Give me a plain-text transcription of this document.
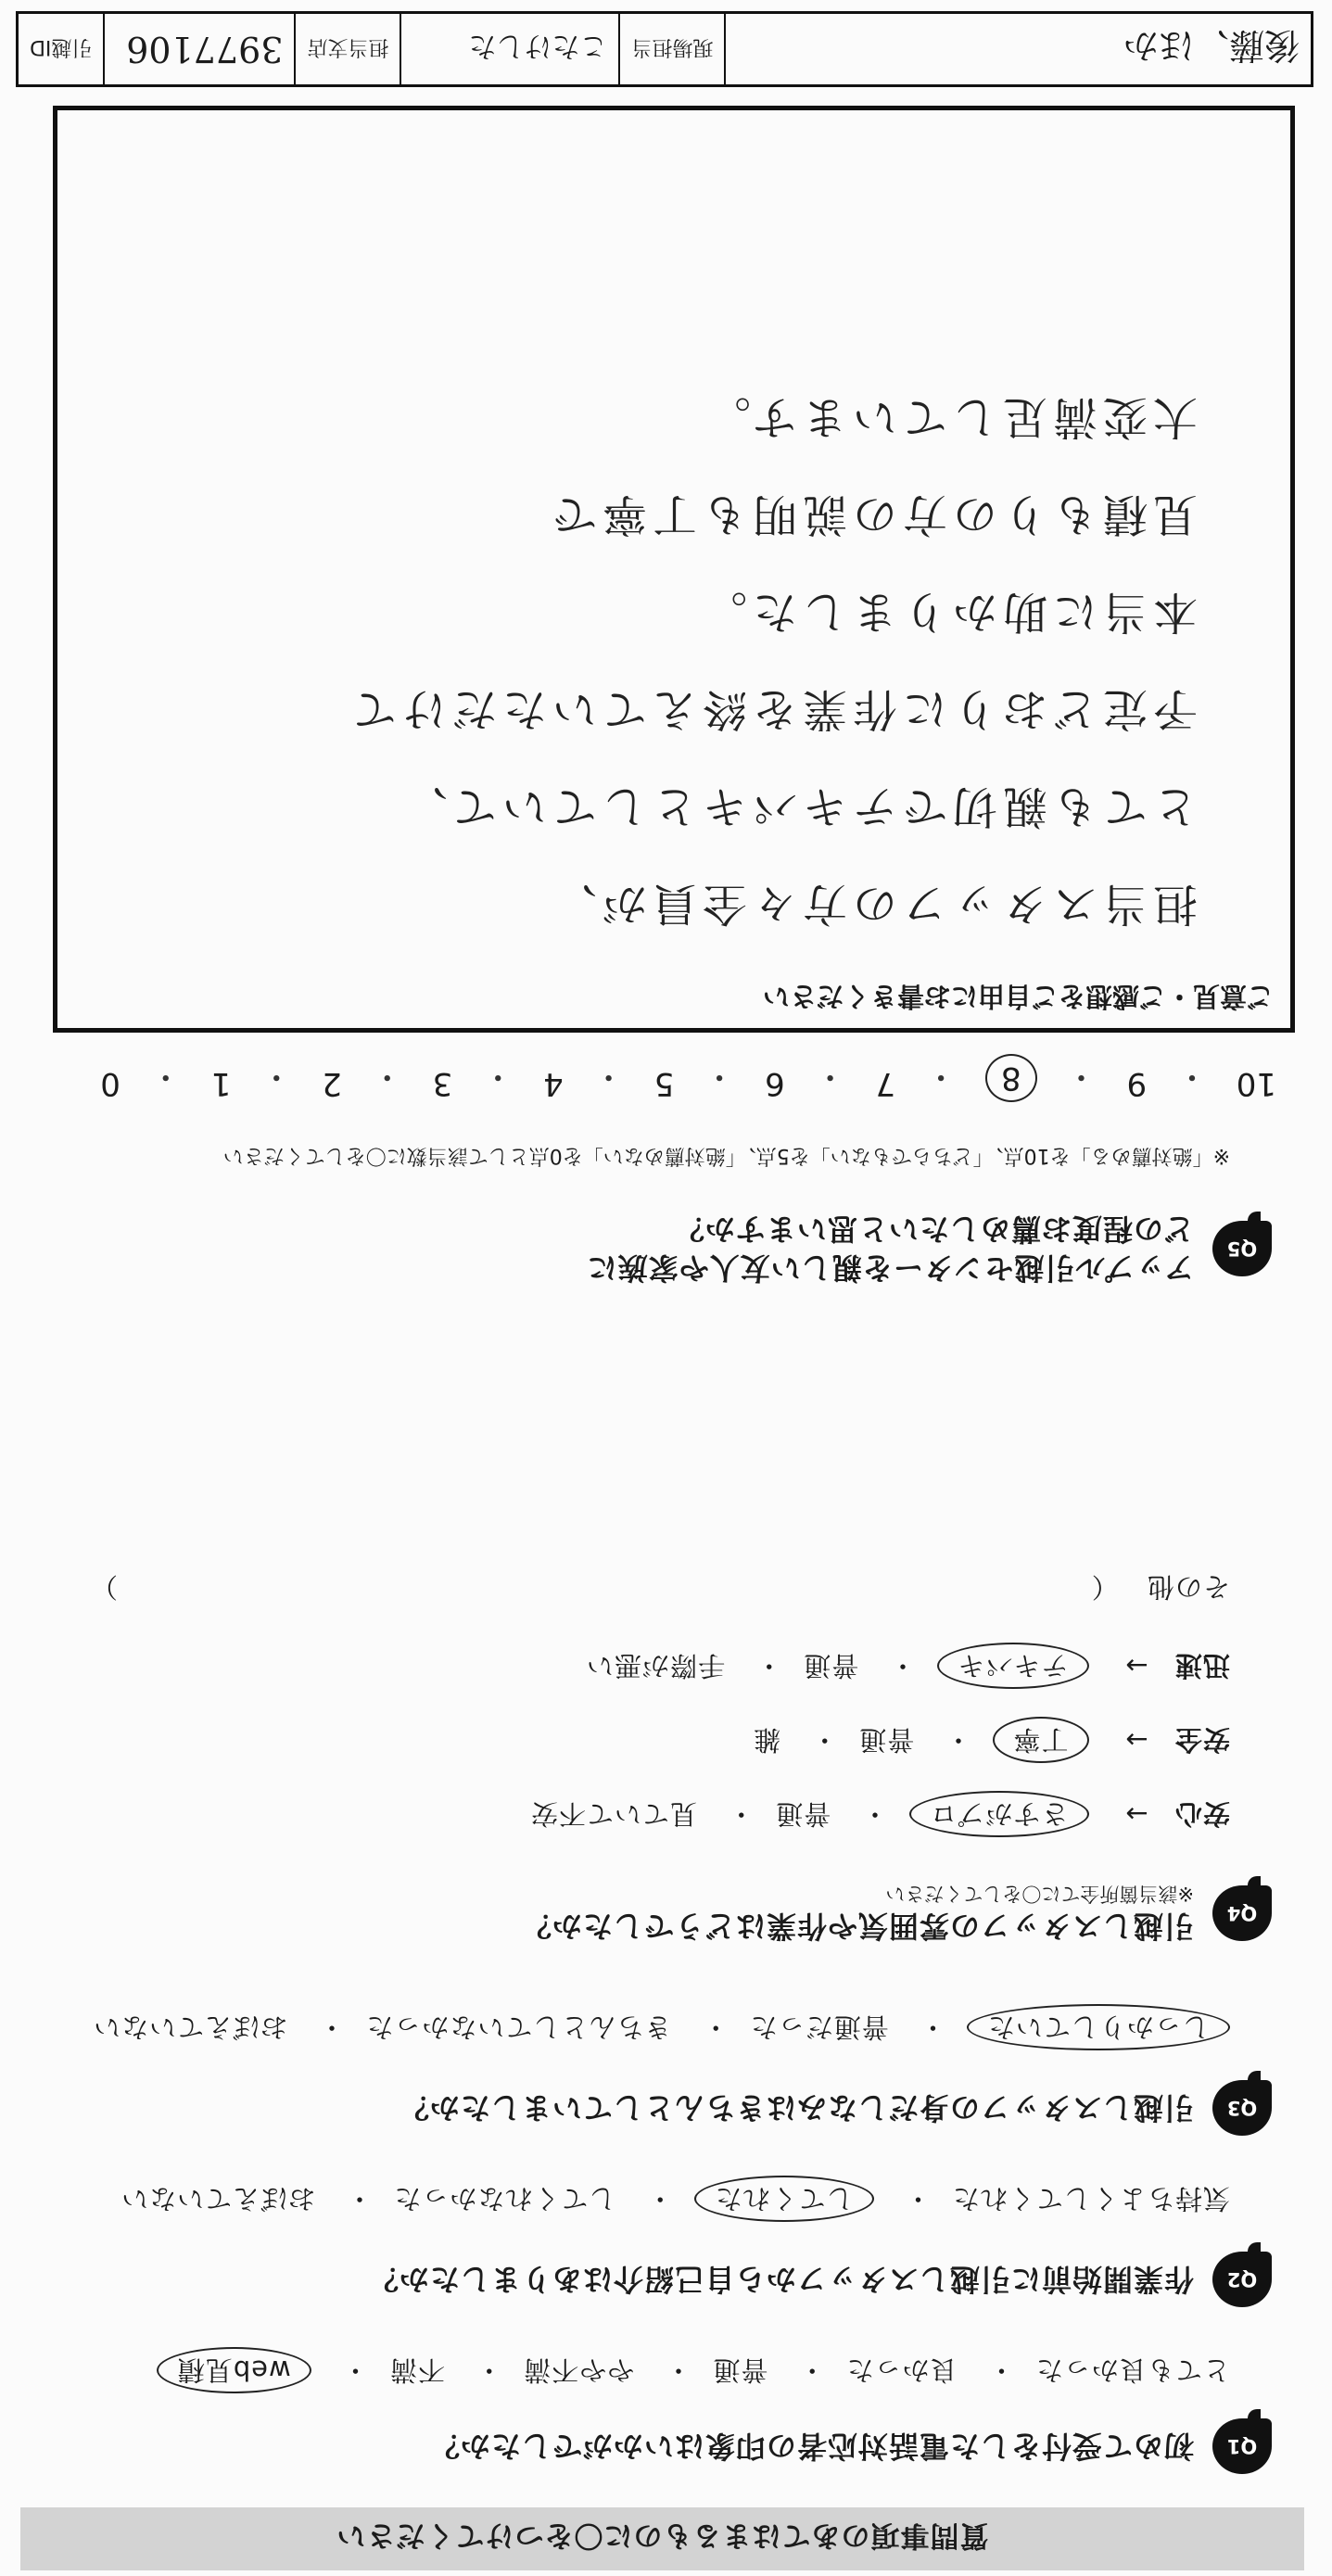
質問事項のあてはまるものに〇をつけてください
Q1
初めて受付をした電話対応者の印象はいかがでしたか？
とても良かった・ 良かった・ 普通・ やや不満・ 不満・ web見積
Q2
作業開始前に引越しスタッフから自己紹介はありましたか？
気持ちよくしてくれた・ してくれた・ してくれなかった・ おぼえていない
Q3
引越しスタッフの身だしなみはきちんとしていましたか？
しっかりしていた・ 普通だった・ きちんとしていなかった・ おぼえていない
Q4
引越しスタッフの雰囲気や作業はどうでしたか？
※該当箇所全てに〇をしてください
安心 → さすがプロ・ 普通・ 見ていて不安
安全 → 丁寧・ 普通・ 雑
迅速 → テキパキ・ 普通・ 手際が悪い
その他 （
）
Q5
アップル引越センターを親しい友人や家族に
どの程度お薦めしたいと思いますか？
※「絶対薦める」を10点、「どちらでもない」を5点、「絶対薦めない」を0点として該当数に〇をしてください
10
・
9
・
8
・
7
・
6
・
5
・
4
・
3
・
2
・
1
・
0
ご意見・ご感想をご自由にお書きください
担当スタッフの方々全員が、
とても親切でテキパキとしていて、
予定どおりに作業を終えていただけて
本当に助かりました。
見積もりの方の説明も丁寧で
大変満足しています。
後藤、ほか
現場担当
こたけした
担当支店
3977106
引越ID
